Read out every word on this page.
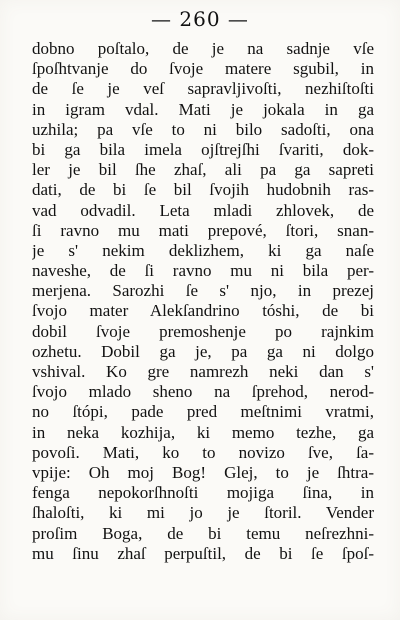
— 260 —
dobno poſtalo, de je na sadnje vſe
ſpoſhtvanje do ſvoje matere sgubil, in
de ſe je veſ sapravljivoſti, nezhiſtoſti
in igram vdal. Mati je jokala in ga
uzhila; pa vſe to ni bilo sadoſti, ona
bi ga bila imela ojſtrejſhi ſvariti, dok-
ler je bil ſhe zhaſ, ali pa ga sapreti
dati, de bi ſe bil ſvojih hudobnih ras-
vad odvadil. Leta mladi zhlovek, de
ſi ravno mu mati prepové, ſtori, snan-
je s' nekim deklizhem, ki ga naſe
naveshe, de ſi ravno mu ni bila per-
merjena. Sarozhi ſe s' njo, in prezej
ſvojo mater Alekſandrino tóshi, de bi
dobil ſvoje premoshenje po rajnkim
ozhetu. Dobil ga je, pa ga ni dolgo
vshival. Ko gre namrezh neki dan s'
ſvojo mlado sheno na ſprehod, nerod-
no ſtópi, pade pred meſtnimi vratmi,
in neka kozhija, ki memo tezhe, ga
povoſi. Mati, ko to novizo ſve, ſa-
vpije: Oh moj Bog! Glej, to je ſhtra-
fenga nepokorſhnoſti mojiga ſina, in
ſhaloſti, ki mi jo je ſtoril. Vender
proſim Boga, de bi temu neſrezhni-
mu ſinu zhaſ perpuſtil, de bi ſe ſpoſ-
